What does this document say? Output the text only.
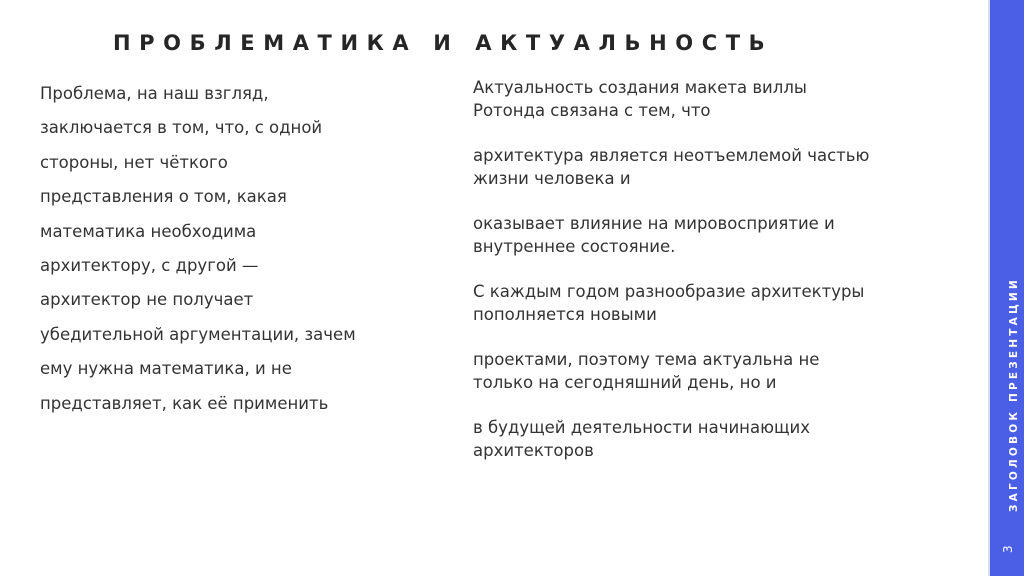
ПРОБЛЕМАТИКА И АКТУАЛЬНОСТЬ
Проблема, на наш взгляд,
заключается в том, что, с одной
стороны, нет чёткого
представления о том, какая
математика необходима
архитектору, с другой —
архитектор не получает
убедительной аргументации, зачем
ему нужна математика, и не
представляет, как её применить

Актуальность создания макета виллы
Ротонда связана с тем, что

архитектура является неотъемлемой частью
жизни человека и

оказывает влияние на мировосприятие и
внутреннее состояние.

С каждым годом разнообразие архитектуры
пополняется новыми

проектами, поэтому тема актуальна не
только на сегодняшний день, но и

в будущей деятельности начинающих
архитекторов	ЗАГОЛОВОК ПРЕЗЕНТАЦИИ
3
